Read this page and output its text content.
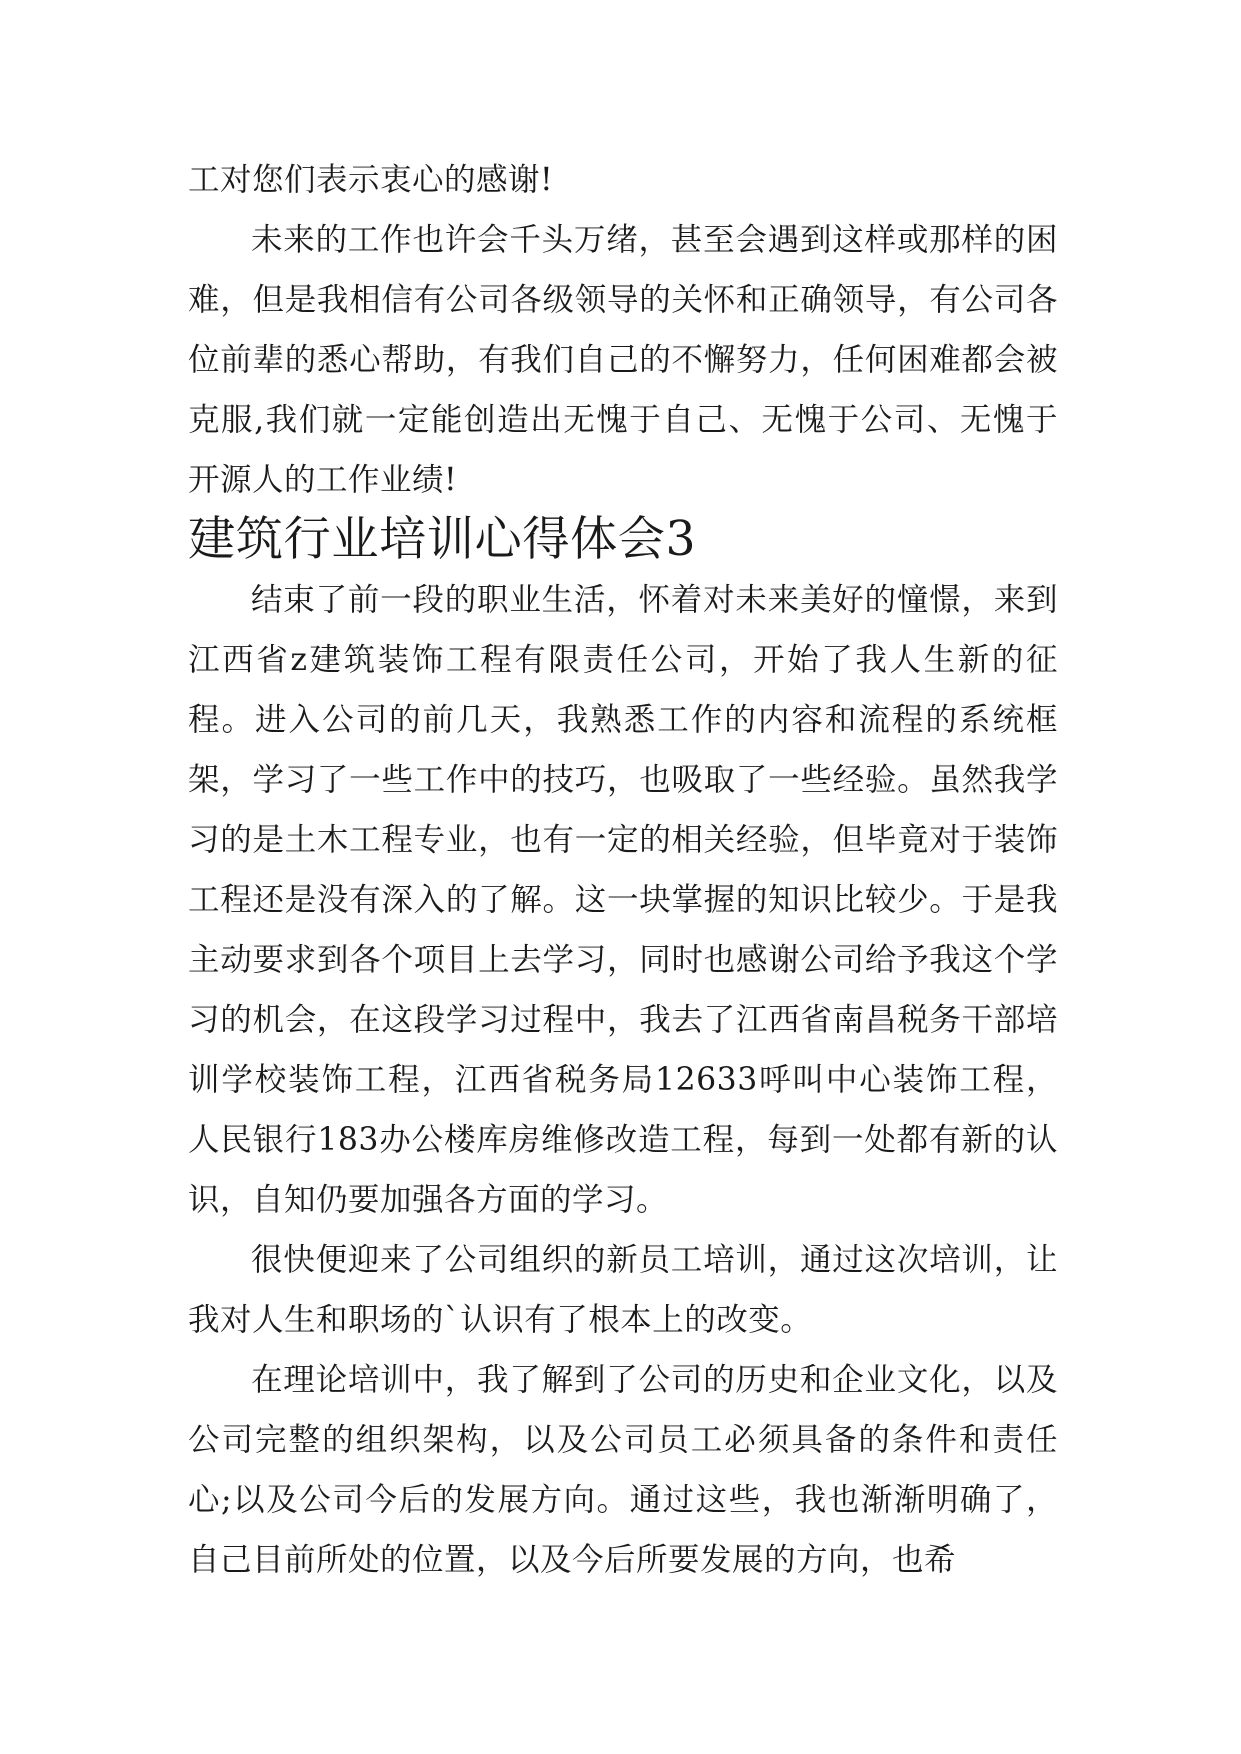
工对您们表示衷心的感谢!

未来的工作也许会千头万绪，甚至会遇到这样或那样的困难，但是我相信有公司各级领导的关怀和正确领导，有公司各位前辈的悉心帮助，有我们自己的不懈努力，任何困难都会被克服,我们就一定能创造出无愧于自己、无愧于公司、无愧于开源人的工作业绩!

建筑行业培训心得体会3

结束了前一段的职业生活，怀着对未来美好的憧憬，来到江西省z建筑装饰工程有限责任公司，开始了我人生新的征程。进入公司的前几天，我熟悉工作的内容和流程的系统框架，学习了一些工作中的技巧，也吸取了一些经验。虽然我学习的是土木工程专业，也有一定的相关经验，但毕竟对于装饰工程还是没有深入的了解。这一块掌握的知识比较少。于是我主动要求到各个项目上去学习，同时也感谢公司给予我这个学习的机会，在这段学习过程中，我去了江西省南昌税务干部培训学校装饰工程，江西省税务局12633呼叫中心装饰工程，人民银行183办公楼库房维修改造工程，每到一处都有新的认识，自知仍要加强各方面的学习。

很快便迎来了公司组织的新员工培训，通过这次培训，让我对人生和职场的`认识有了根本上的改变。

在理论培训中，我了解到了公司的历史和企业文化，以及公司完整的组织架构，以及公司员工必须具备的条件和责任心;以及公司今后的发展方向。通过这些，我也渐渐明确了，自己目前所处的位置，以及今后所要发展的方向，也希
